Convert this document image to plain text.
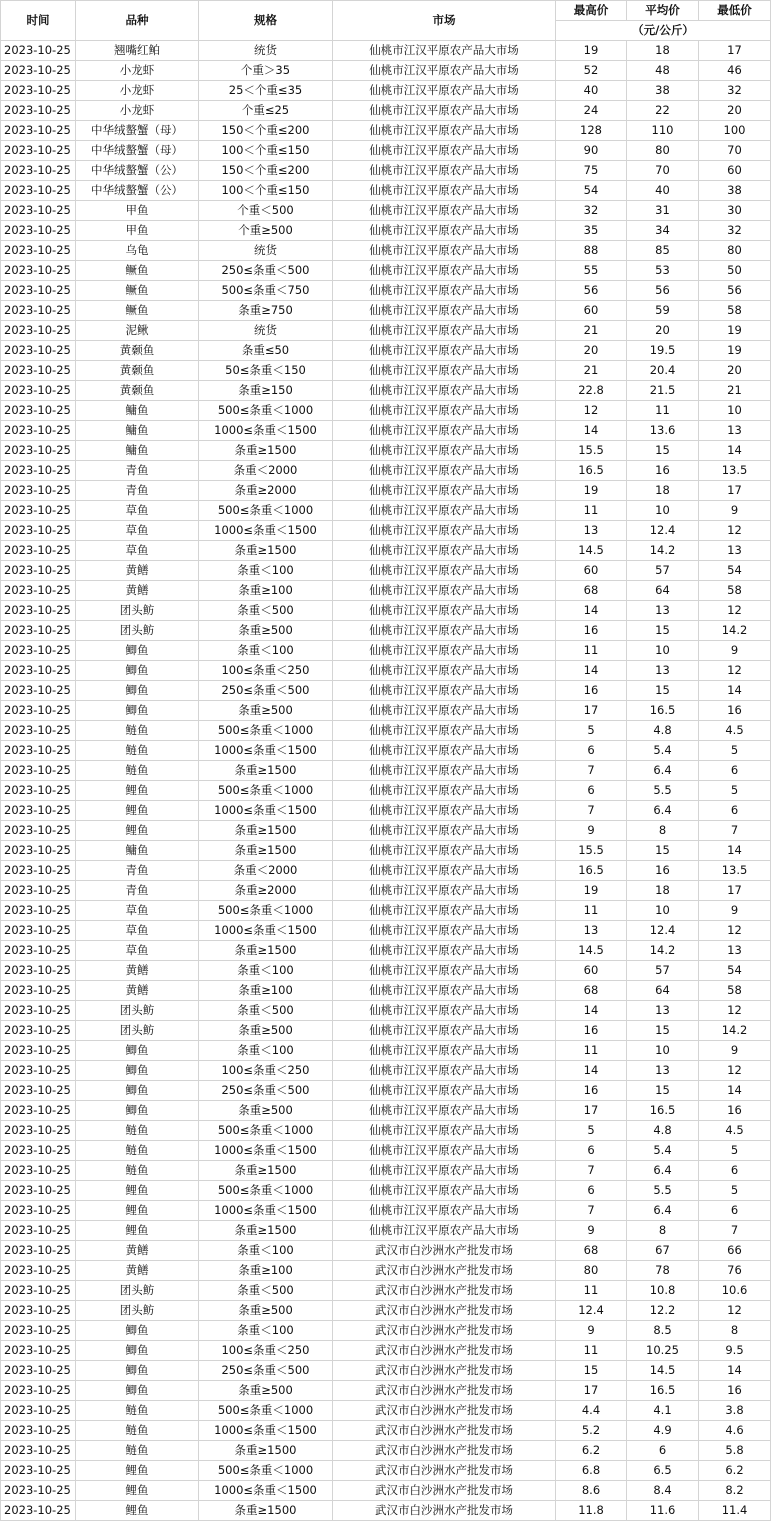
时间	品种	规格	市场	最高价	平均价	最低价
				（元/公斤）		
2023-10-25	翘嘴红鲌	统货	仙桃市江汉平原农产品大市场	19	18	17
2023-10-25	小龙虾	个重＞35	仙桃市江汉平原农产品大市场	52	48	46
2023-10-25	小龙虾	25＜个重≤35	仙桃市江汉平原农产品大市场	40	38	32
2023-10-25	小龙虾	个重≤25	仙桃市江汉平原农产品大市场	24	22	20
2023-10-25	中华绒螯蟹（母）	150＜个重≤200	仙桃市江汉平原农产品大市场	128	110	100
2023-10-25	中华绒螯蟹（母）	100＜个重≤150	仙桃市江汉平原农产品大市场	90	80	70
2023-10-25	中华绒螯蟹（公）	150＜个重≤200	仙桃市江汉平原农产品大市场	75	70	60
2023-10-25	中华绒螯蟹（公）	100＜个重≤150	仙桃市江汉平原农产品大市场	54	40	38
2023-10-25	甲鱼	个重＜500	仙桃市江汉平原农产品大市场	32	31	30
2023-10-25	甲鱼	个重≥500	仙桃市江汉平原农产品大市场	35	34	32
2023-10-25	乌龟	统货	仙桃市江汉平原农产品大市场	88	85	80
2023-10-25	鳜鱼	250≤条重＜500	仙桃市江汉平原农产品大市场	55	53	50
2023-10-25	鳜鱼	500≤条重＜750	仙桃市江汉平原农产品大市场	56	56	56
2023-10-25	鳜鱼	条重≥750	仙桃市江汉平原农产品大市场	60	59	58
2023-10-25	泥鳅	统货	仙桃市江汉平原农产品大市场	21	20	19
2023-10-25	黄颡鱼	条重≤50	仙桃市江汉平原农产品大市场	20	19.5	19
2023-10-25	黄颡鱼	50≤条重＜150	仙桃市江汉平原农产品大市场	21	20.4	20
2023-10-25	黄颡鱼	条重≥150	仙桃市江汉平原农产品大市场	22.8	21.5	21
2023-10-25	鳙鱼	500≤条重＜1000	仙桃市江汉平原农产品大市场	12	11	10
2023-10-25	鳙鱼	1000≤条重＜1500	仙桃市江汉平原农产品大市场	14	13.6	13
2023-10-25	鳙鱼	条重≥1500	仙桃市江汉平原农产品大市场	15.5	15	14
2023-10-25	青鱼	条重＜2000	仙桃市江汉平原农产品大市场	16.5	16	13.5
2023-10-25	青鱼	条重≥2000	仙桃市江汉平原农产品大市场	19	18	17
2023-10-25	草鱼	500≤条重＜1000	仙桃市江汉平原农产品大市场	11	10	9
2023-10-25	草鱼	1000≤条重＜1500	仙桃市江汉平原农产品大市场	13	12.4	12
2023-10-25	草鱼	条重≥1500	仙桃市江汉平原农产品大市场	14.5	14.2	13
2023-10-25	黄鳝	条重＜100	仙桃市江汉平原农产品大市场	60	57	54
2023-10-25	黄鳝	条重≥100	仙桃市江汉平原农产品大市场	68	64	58
2023-10-25	团头鲂	条重＜500	仙桃市江汉平原农产品大市场	14	13	12
2023-10-25	团头鲂	条重≥500	仙桃市江汉平原农产品大市场	16	15	14.2
2023-10-25	鲫鱼	条重＜100	仙桃市江汉平原农产品大市场	11	10	9
2023-10-25	鲫鱼	100≤条重＜250	仙桃市江汉平原农产品大市场	14	13	12
2023-10-25	鲫鱼	250≤条重＜500	仙桃市江汉平原农产品大市场	16	15	14
2023-10-25	鲫鱼	条重≥500	仙桃市江汉平原农产品大市场	17	16.5	16
2023-10-25	鲢鱼	500≤条重＜1000	仙桃市江汉平原农产品大市场	5	4.8	4.5
2023-10-25	鲢鱼	1000≤条重＜1500	仙桃市江汉平原农产品大市场	6	5.4	5
2023-10-25	鲢鱼	条重≥1500	仙桃市江汉平原农产品大市场	7	6.4	6
2023-10-25	鲤鱼	500≤条重＜1000	仙桃市江汉平原农产品大市场	6	5.5	5
2023-10-25	鲤鱼	1000≤条重＜1500	仙桃市江汉平原农产品大市场	7	6.4	6
2023-10-25	鲤鱼	条重≥1500	仙桃市江汉平原农产品大市场	9	8	7
2023-10-25	鳙鱼	条重≥1500	仙桃市江汉平原农产品大市场	15.5	15	14
2023-10-25	青鱼	条重＜2000	仙桃市江汉平原农产品大市场	16.5	16	13.5
2023-10-25	青鱼	条重≥2000	仙桃市江汉平原农产品大市场	19	18	17
2023-10-25	草鱼	500≤条重＜1000	仙桃市江汉平原农产品大市场	11	10	9
2023-10-25	草鱼	1000≤条重＜1500	仙桃市江汉平原农产品大市场	13	12.4	12
2023-10-25	草鱼	条重≥1500	仙桃市江汉平原农产品大市场	14.5	14.2	13
2023-10-25	黄鳝	条重＜100	仙桃市江汉平原农产品大市场	60	57	54
2023-10-25	黄鳝	条重≥100	仙桃市江汉平原农产品大市场	68	64	58
2023-10-25	团头鲂	条重＜500	仙桃市江汉平原农产品大市场	14	13	12
2023-10-25	团头鲂	条重≥500	仙桃市江汉平原农产品大市场	16	15	14.2
2023-10-25	鲫鱼	条重＜100	仙桃市江汉平原农产品大市场	11	10	9
2023-10-25	鲫鱼	100≤条重＜250	仙桃市江汉平原农产品大市场	14	13	12
2023-10-25	鲫鱼	250≤条重＜500	仙桃市江汉平原农产品大市场	16	15	14
2023-10-25	鲫鱼	条重≥500	仙桃市江汉平原农产品大市场	17	16.5	16
2023-10-25	鲢鱼	500≤条重＜1000	仙桃市江汉平原农产品大市场	5	4.8	4.5
2023-10-25	鲢鱼	1000≤条重＜1500	仙桃市江汉平原农产品大市场	6	5.4	5
2023-10-25	鲢鱼	条重≥1500	仙桃市江汉平原农产品大市场	7	6.4	6
2023-10-25	鲤鱼	500≤条重＜1000	仙桃市江汉平原农产品大市场	6	5.5	5
2023-10-25	鲤鱼	1000≤条重＜1500	仙桃市江汉平原农产品大市场	7	6.4	6
2023-10-25	鲤鱼	条重≥1500	仙桃市江汉平原农产品大市场	9	8	7
2023-10-25	黄鳝	条重＜100	武汉市白沙洲水产批发市场	68	67	66
2023-10-25	黄鳝	条重≥100	武汉市白沙洲水产批发市场	80	78	76
2023-10-25	团头鲂	条重＜500	武汉市白沙洲水产批发市场	11	10.8	10.6
2023-10-25	团头鲂	条重≥500	武汉市白沙洲水产批发市场	12.4	12.2	12
2023-10-25	鲫鱼	条重＜100	武汉市白沙洲水产批发市场	9	8.5	8
2023-10-25	鲫鱼	100≤条重＜250	武汉市白沙洲水产批发市场	11	10.25	9.5
2023-10-25	鲫鱼	250≤条重＜500	武汉市白沙洲水产批发市场	15	14.5	14
2023-10-25	鲫鱼	条重≥500	武汉市白沙洲水产批发市场	17	16.5	16
2023-10-25	鲢鱼	500≤条重＜1000	武汉市白沙洲水产批发市场	4.4	4.1	3.8
2023-10-25	鲢鱼	1000≤条重＜1500	武汉市白沙洲水产批发市场	5.2	4.9	4.6
2023-10-25	鲢鱼	条重≥1500	武汉市白沙洲水产批发市场	6.2	6	5.8
2023-10-25	鲤鱼	500≤条重＜1000	武汉市白沙洲水产批发市场	6.8	6.5	6.2
2023-10-25	鲤鱼	1000≤条重＜1500	武汉市白沙洲水产批发市场	8.6	8.4	8.2
2023-10-25	鲤鱼	条重≥1500	武汉市白沙洲水产批发市场	11.8	11.6	11.4
